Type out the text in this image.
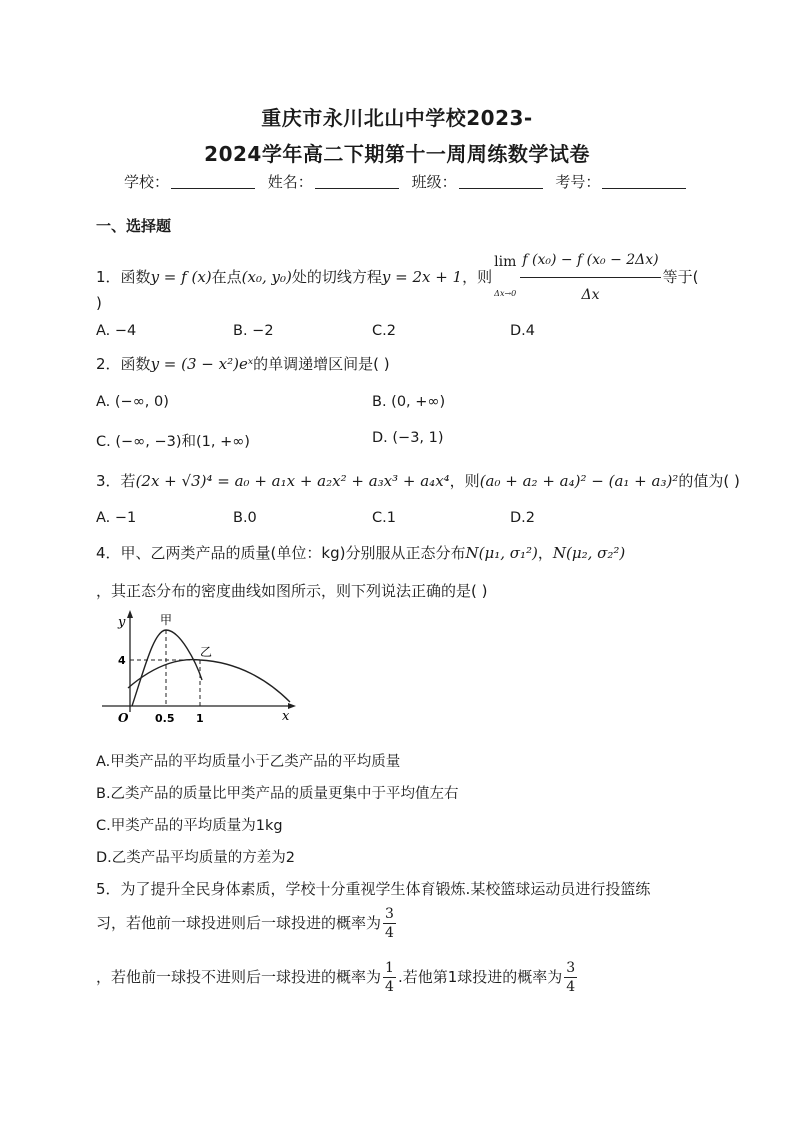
重庆市永川北山中学校2023-
2024学年高二下期第十一周周练数学试卷
学校：	姓名：	班级：	考号：
一、选择题
1．函数y = f (x)在点(x₀, y₀)处的切线方程y = 2x + 1，则
lim
$\Delta x\to 0 \frac{\text{f (x₀) − f (x₀ − 2Δx)}}{\Delta x}$ 等于(
)
A. −4	B. −2	C.2	D.4
2．函数y = (3 − x²)eˣ的单调递增区间是( )
A. (−∞, 0)	B. (0, +∞)
C. (−∞, −3)和(1, +∞)	D. (−3, 1)
3．若(2x + √3)⁴ = a₀ + a₁x + a₂x² + a₃x³ + a₄x⁴，则(a₀ + a₂ + a₄)² − (a₁ + a₃)²的值为( )
A. −1	B.0	C.1	D.2
4．甲、乙两类产品的质量(单位：kg)分别服从正态分布N(μ₁, σ₁²)，N(μ₂, σ₂²)
，其正态分布的密度曲线如图所示，则下列说法正确的是( )
y
x
O
4
0.5 1
甲
乙
A.甲类产品的平均质量小于乙类产品的平均质量
B.乙类产品的质量比甲类产品的质量更集中于平均值左右
C.甲类产品的平均质量为1kg
D.乙类产品平均质量的方差为2
5．为了提升全民身体素质，学校十分重视学生体育锻炼.某校篮球运动员进行投篮练
习，若他前一球投进则后一球投进的概率为 $\frac{3}{4}$
，若他前一球投不进则后一球投进的概率为 $\frac{1}{4}$ .若他第1球投进的概率为 $\frac{3}{4}$
